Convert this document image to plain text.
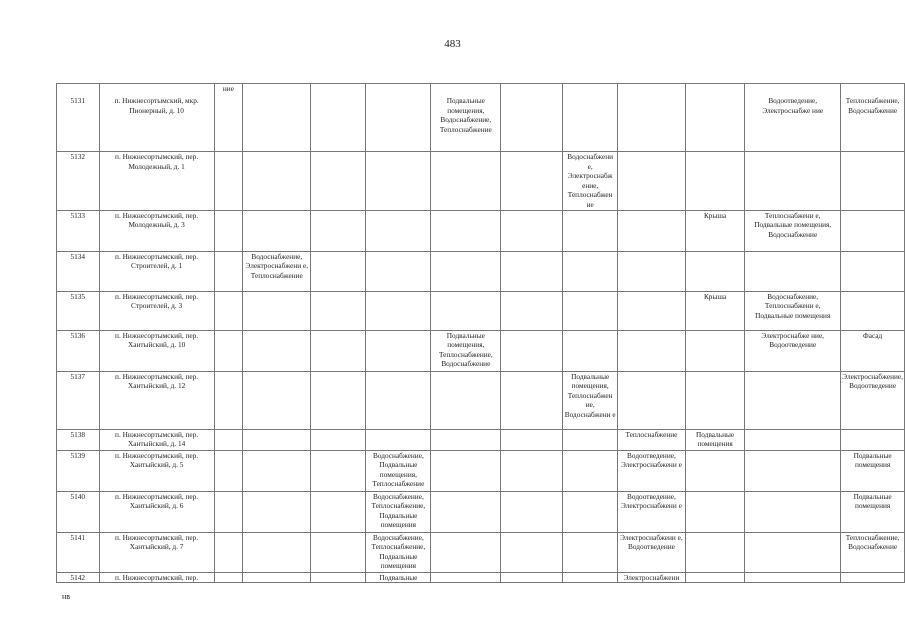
483
5131	п. Нижнесортымский, мкр. Пионерный, д. 10	ние				Подвальные помещения, Водоснабжение, Теплоснабжение					Водоотведение, Электроснабже ние	Теплоснабжение, Водоснабжение
5132	п. Нижнесортымский, пер. Молодежный, д. 1							Водоснабжени е, Электроснабж ение, Теплоснабжен ие				
5133	п. Нижнесортымский, пер. Молодежный, д. 3									Крыша	Теплоснабжени е, Подвальные помещения, Водоснабжение	
5134	п. Нижнесортымский, пер. Строителей, д. 1		Водоснабжение, Электроснабжени е, Теплоснабжение									
5135	п. Нижнесортымский, пер. Строителей, д. 3									Крыша	Водоснабжение, Теплоснабжени е, Подвальные помещения	
5136	п. Нижнесортымский, пер. Хантыйский, д. 10					Подвальные помещения, Теплоснабжение, Водоснабжение					Электроснабже ние, Водоотведение	Фасад
5137	п. Нижнесортымский, пер. Хантыйский, д. 12							Подвальные помещения, Теплоснабжен ие, Водоснабжени е				Электроснабжение, Водоотведение
5138	п. Нижнесортымский, пер. Хантыйский, д. 14								Теплоснабжение	Подвальные помещения		
5139	п. Нижнесортымский, пер. Хантыйский, д. 5				Водоснабжение, Подвальные помещения, Теплоснабжение				Водоотведение, Электроснабжени е			Подвальные помещения
5140	п. Нижнесортымский, пер. Хантыйский, д. 6				Водоснабжение, Теплоснабжение, Подвальные помещения				Водоотведение, Электроснабжени е			Подвальные помещения
5141	п. Нижнесортымский, пер. Хантыйский, д. 7				Водоснабжение, Теплоснабжение, Подвальные помещения				Электроснабжени е, Водоотведение			Теплоснабжение, Водоснабжение
5142	п. Нижнесортымский, пер.				Подвальные				Электроснабжени			
нв
